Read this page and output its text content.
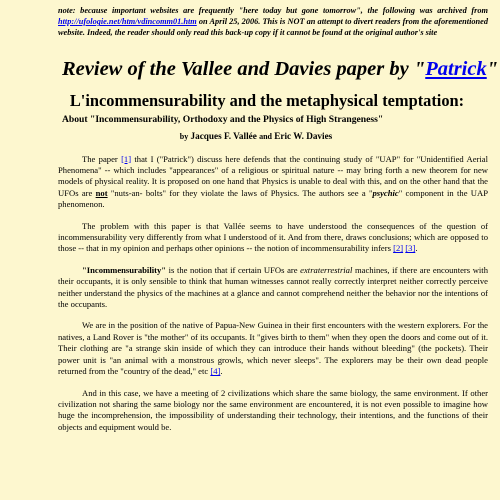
note: because important websites are frequently "here today but gone tomorrow", the following was archived from http://ufologie.net/htm/vdincomm01.htm on April 25, 2006. This is NOT an attempt to divert readers from the aforementioned website. Indeed, the reader should only read this back-up copy if it cannot be found at the original author's site

Review of the Vallee and Davies paper by "Patrick"
L'incommensurability and the metaphysical temptation:
About "Incommensurability, Orthodoxy and the Physics of High Strangeness"
by Jacques F. Vallée and Eric W. Davies

The paper [1] that I ("Patrick") discuss here defends that the continuing study of "UAP" for "Unidentified Aerial Phenomena" -- which includes "appearances" of a religious or spiritual nature -- may bring forth a new theorem for new models of physical reality. It is proposed on one hand that Physics is unable to deal with this, and on the other hand that the UFOs are not "nuts-an- bolts" for they violate the laws of Physics. The authors see a "psychic" component in the UAP phenomenon.

The problem with this paper is that Vallée seems to have understood the consequences of the question of incommensurability very differently from what I understood of it. And from there, draws conclusions; which are opposed to those -- that in my opinion and perhaps other opinions -- the notion of incommensurability infers [2] [3].

"Incommensurability" is the notion that if certain UFOs are extraterrestrial machines, if there are encounters with their occupants, it is only sensible to think that human witnesses cannot really correctly interpret neither correctly perceive neither understand the physics of the machines at a glance and cannot comprehend neither the behavior nor the intentions of the occupants.

We are in the position of the native of Papua-New Guinea in their first encounters with the western explorers. For the natives, a Land Rover is "the mother" of its occupants. It "gives birth to them" when they open the doors and come out of it. Their clothing are "a strange skin inside of which they can introduce their hands without bleeding" (the pockets). Their power unit is "an animal with a monstrous growls, which never sleeps". The explorers may be their own dead people returned from the "country of the dead," etc [4].

And in this case, we have a meeting of 2 civilizations which share the same biology, the same environment. If other civilization not sharing the same biology nor the same environment are encountered, it is not even possible to imagine how huge the incomprehension, the impossibility of understanding their technology, their intentions, and the functions of their objects and equipment would be.
